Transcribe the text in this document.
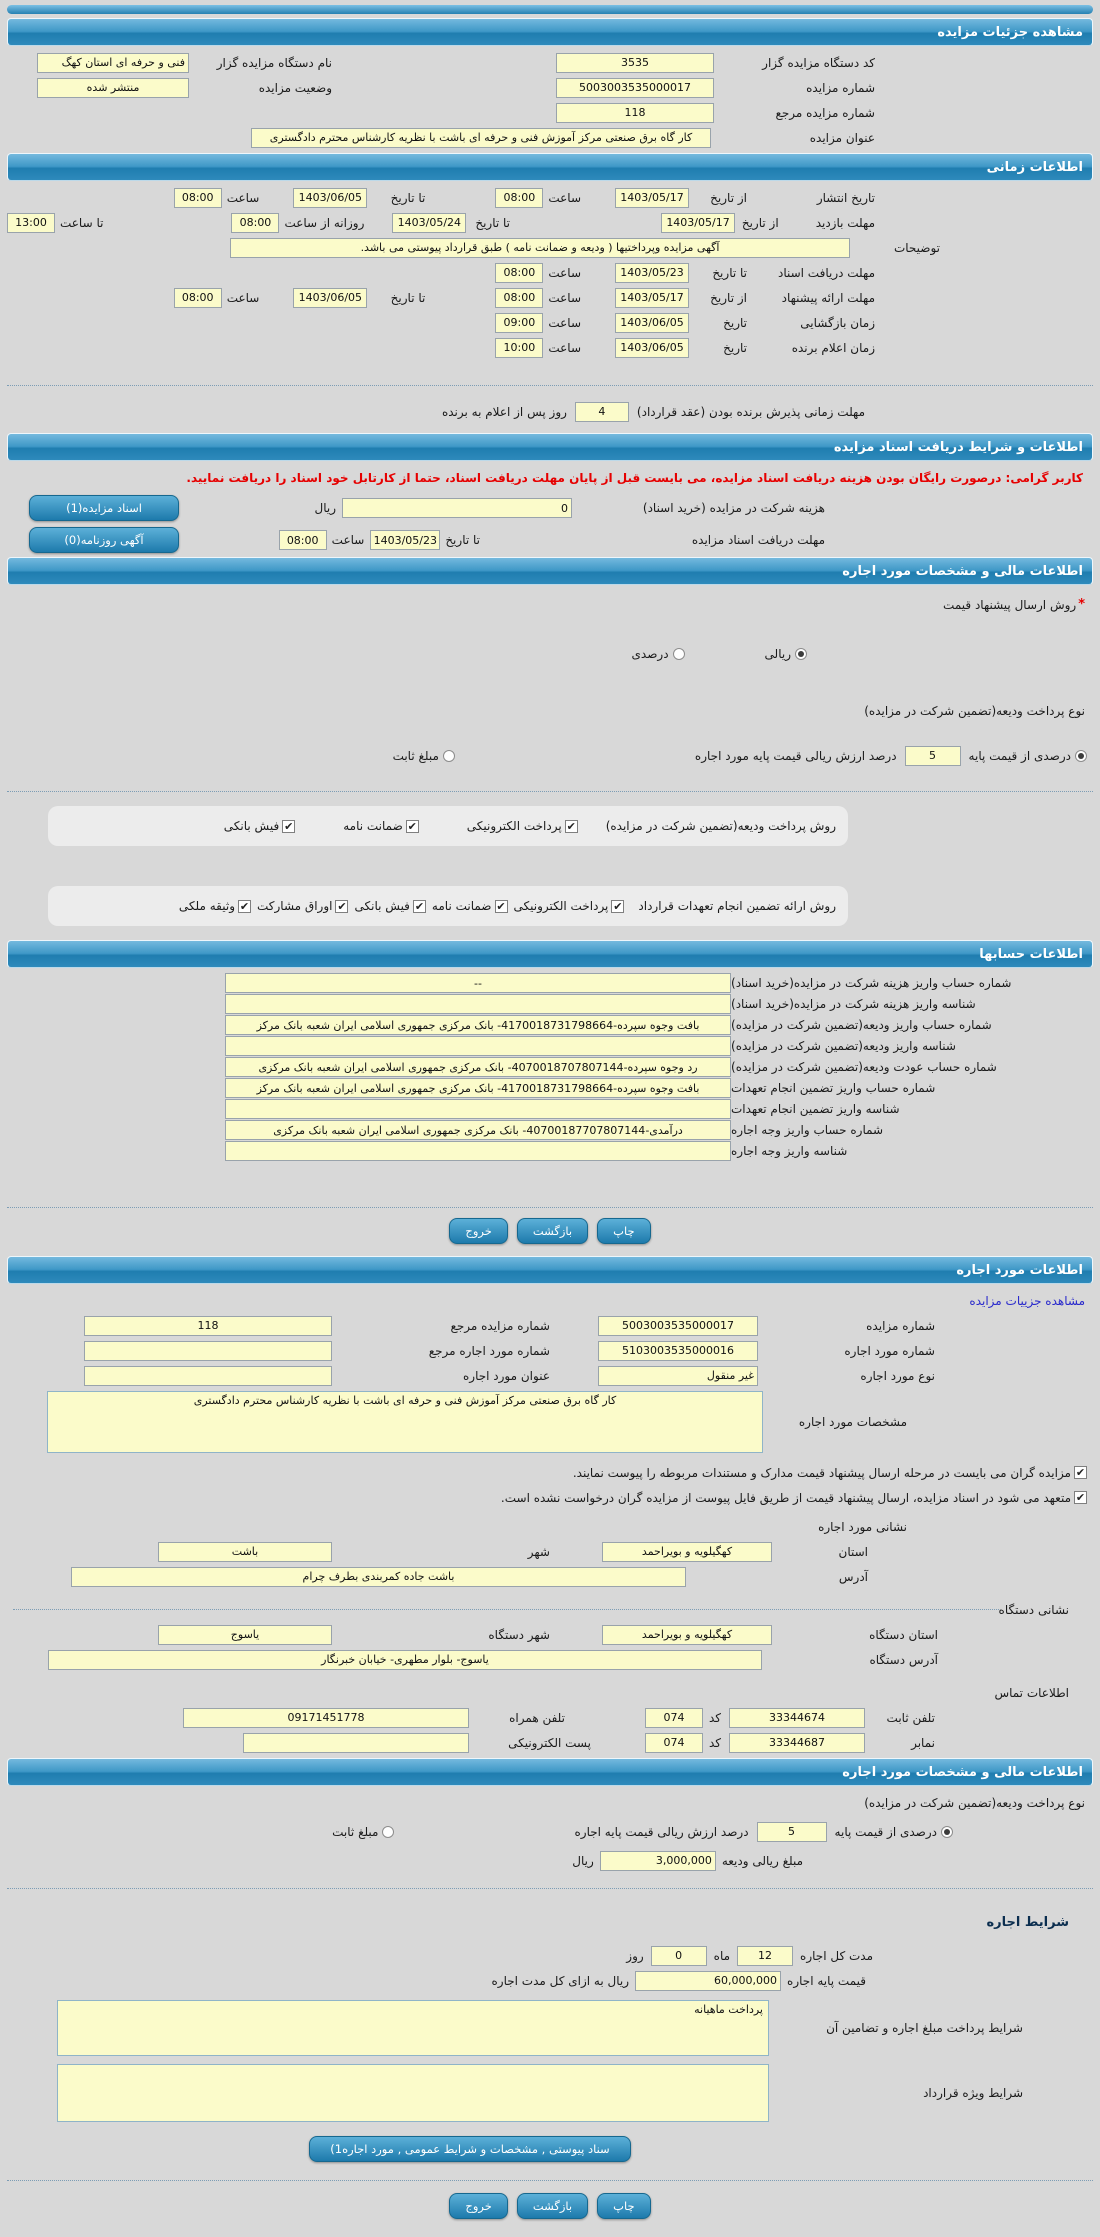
مشاهده جزئیات مزایده
کد دستگاه مزایده گزار
3535
نام دستگاه مزایده گزار
فنی و حرفه ای استان کهگ
شماره مزایده
5003003535000017
وضعیت مزایده
منتشر شده
شماره مزایده مرجع
118
عنوان مزایده
کار گاه برق صنعتی مرکز آموزش فنی و حرفه ای باشت با نظریه کارشناس محترم دادگستری
اطلاعات زمانی
تاریخ انتشار
از تاریخ
1403/05/17
ساعت
08:00
تا تاریخ
1403/06/05
ساعت
08:00
مهلت بازدید
از تاریخ
1403/05/17
تا تاریخ
1403/05/24
روزانه از ساعت
08:00
تا ساعت
13:00
توضیحات
آگهی مزایده وپرداختیها ( ودیعه و ضمانت نامه ) طبق قرارداد پیوستی می باشد.
مهلت دریافت اسناد
تا تاریخ
1403/05/23
ساعت
08:00
مهلت ارائه پیشنهاد
از تاریخ
1403/05/17
ساعت
08:00
تا تاریخ
1403/06/05
ساعت
08:00
زمان بازگشایی
تاریخ
1403/06/05
ساعت
09:00
زمان اعلام برنده
تاریخ
1403/06/05
ساعت
10:00
مهلت زمانی پذیرش برنده بودن ‎)‎عقد قرارداد‎(‎
4
روز پس از اعلام به برنده
اطلاعات و شرایط دریافت اسناد مزایده
کاربر گرامی: درصورت رایگان بودن هزینه دریافت اسناد مزایده، می بایست قبل از پایان مهلت دریافت اسناد، حتما از کارتابل خود اسناد را دریافت نمایید.
هزینه شرکت در مزایده ‎)‎خرید اسناد‎(‎
0
ریال
اسناد مزایده(1)
مهلت دریافت اسناد مزایده
تا تاریخ
1403/05/23
ساعت
08:00
آگهی روزنامه(0)
اطلاعات مالی و مشخصات مورد اجاره
*
روش ارسال پیشنهاد قیمت
ریالی
درصدی
نوع پرداخت ودیعه‎)‎تضمین شرکت در مزایده‎(‎
درصدی از قیمت پایه
5
درصد ارزش ریالی قیمت پایه مورد اجاره
مبلغ ثابت
روش پرداخت ودیعه‎)‎تضمین شرکت در مزایده‎(‎
✔
پرداخت الکترونیکی
✔
ضمانت نامه
✔
فیش بانکی
روش ارائه تضمین انجام تعهدات قرارداد
✔
پرداخت الکترونیکی
✔
ضمانت نامه
✔
فیش بانکی
✔
اوراق مشارکت
✔
وثیقه ملکی
اطلاعات حسابها
شماره حساب واریز هزینه شرکت در مزایده‎)‎خرید اسناد‎(‎
--
شناسه واریز هزینه شرکت در مزایده‎)‎خرید اسناد‎(‎
شماره حساب واریز ودیعه‎)‎تضمین شرکت در مزایده‎(‎
بافت وجوه سپرده-4170018731798664- بانک مرکزی جمهوری اسلامی ایران شعبه بانک مرکز
شناسه واریز ودیعه‎)‎تضمین شرکت در مزایده‎(‎
شماره حساب عودت ودیعه‎)‎تضمین شرکت در مزایده‎(‎
رد وجوه سپرده-4070018707807144- بانک مرکزی جمهوری اسلامی ایران شعبه بانک مرکزی
شماره حساب واریز تضمین انجام تعهدات
بافت وجوه سپرده-4170018731798664- بانک مرکزی جمهوری اسلامی ایران شعبه بانک مرکز
شناسه واریز تضمین انجام تعهدات
شماره حساب واریز وجه اجاره
درآمدی-40700187707807144- بانک مرکزی جمهوری اسلامی ایران شعبه بانک مرکزی
شناسه واریز وجه اجاره
چاپ
بازگشت
خروج
اطلاعات مورد اجاره
مشاهده جزییات مزایده
شماره مزایده
5003003535000017
شماره مزایده مرجع
118
شماره مورد اجاره
5103003535000016
شماره مورد اجاره مرجع
نوع مورد اجاره
غیر منقول
عنوان مورد اجاره
مشخصات مورد اجاره
کار گاه برق صنعتی مرکز آموزش فنی و حرفه ای باشت با نظریه کارشناس محترم دادگستری
✔
مزایده گران می بایست در مرحله ارسال پیشنهاد قیمت مدارک و مستندات مربوطه را پیوست نمایند.
✔
متعهد می شود در اسناد مزایده، ارسال پیشنهاد قیمت از طریق فایل پیوست از مزایده گران درخواست نشده است.
نشانی مورد اجاره
استان
کهگیلویه و بویراحمد
شهر
باشت
آدرس
باشت جاده کمربندی بطرف چرام
نشانی دستگاه
استان دستگاه
کهگیلویه و بویراحمد
شهر دستگاه
یاسوج
آدرس دستگاه
یاسوج- بلوار مطهری- خیابان خبرنگار
اطلاعات تماس
تلفن ثابت
33344674
کد
074
تلفن همراه
09171451778
نمابر
33344687
کد
074
پست الکترونیکی
اطلاعات مالی و مشخصات مورد اجاره
نوع پرداخت ودیعه‎)‎تضمین شرکت در مزایده‎(‎
درصدی از قیمت پایه
5
درصد ارزش ریالی قیمت پایه اجاره
مبلغ ثابت
مبلغ ریالی ودیعه
3,000,000
ریال
شرایط اجاره
مدت کل اجاره
12
ماه
0
روز
قیمت پایه اجاره
60,000,000
ریال به ازای کل مدت اجاره
شرایط پرداخت مبلغ اجاره و تضامین آن
پرداخت ماهیانه
شرایط ویژه قرارداد
سناد پیوستی , مشخصات و شرایط عمومی , مورد اجاره‎(1‎
چاپ
بازگشت
خروج
